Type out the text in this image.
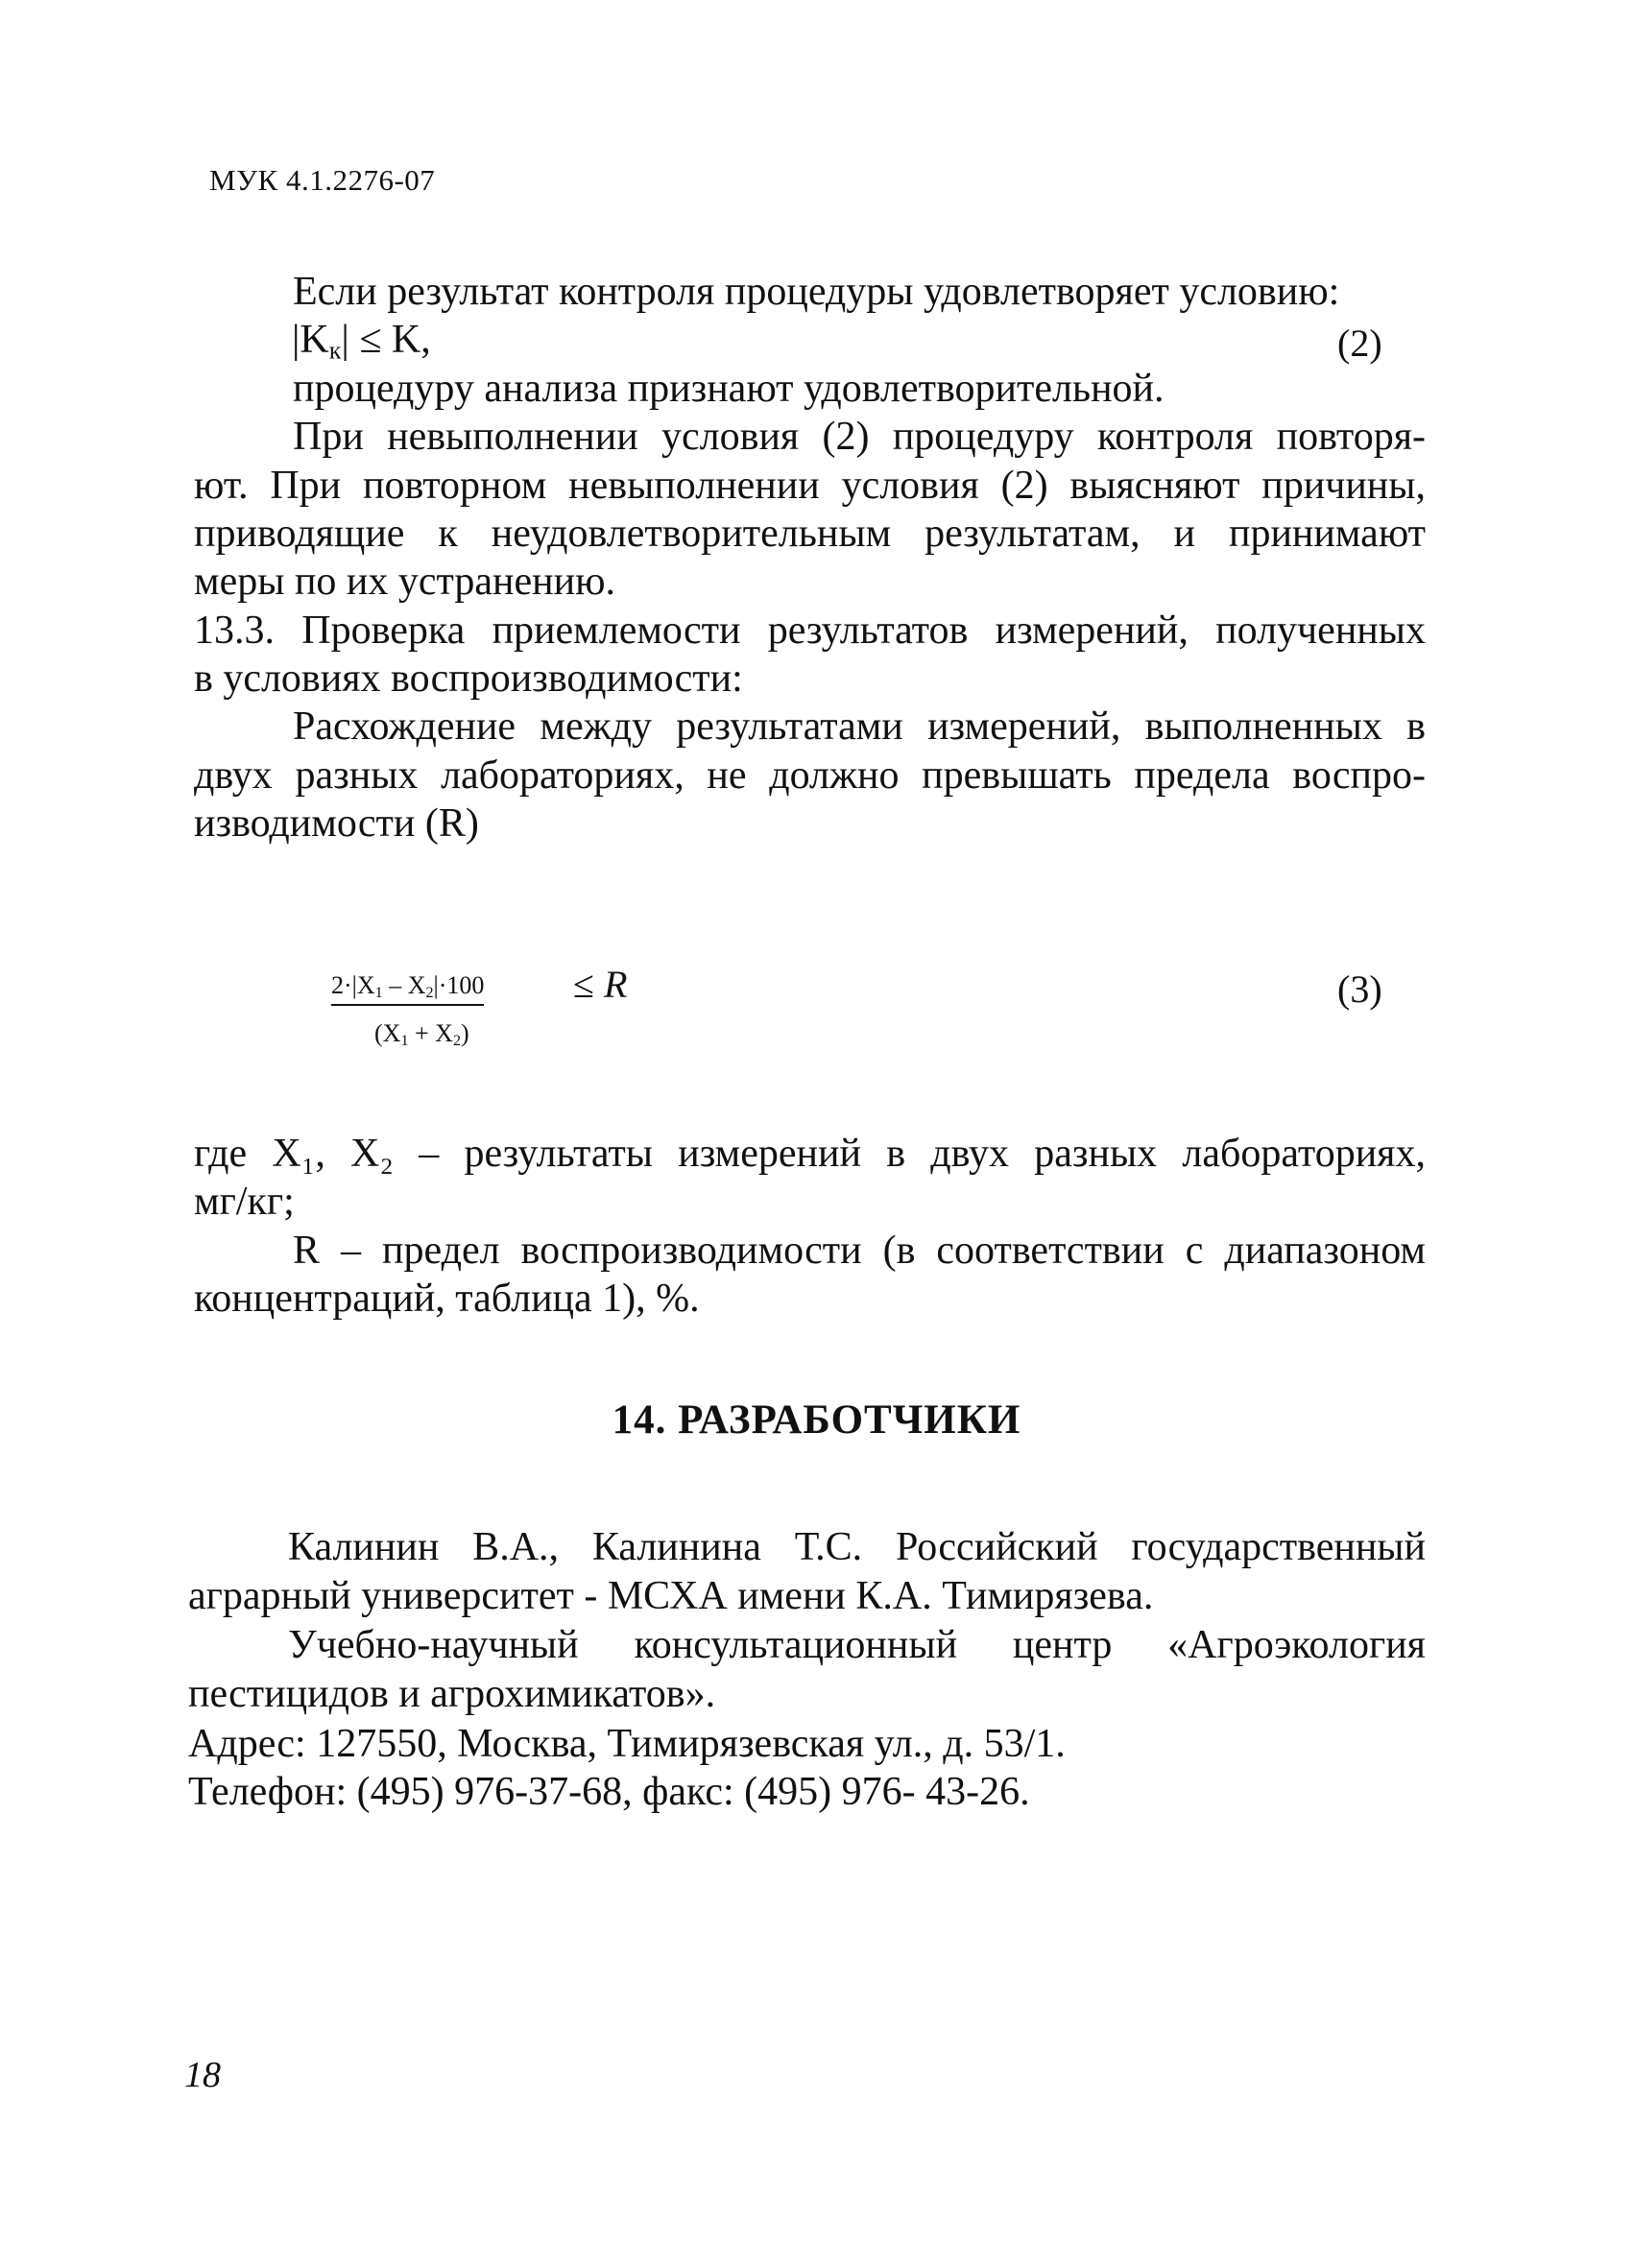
МУК 4.1.2276-07
Если результат контроля процедуры удовлетворяет условию:
$|K_к| \le K$,	(2)
процедуру анализа признают удовлетворительной.
При невыполнении условия (2) процедуру контроля повторя-
ют. При повторном невыполнении условия (2) выясняют причины,
приводящие к неудовлетворительным результатам, и принимают
меры по их устранению.
13.3. Проверка приемлемости результатов измерений, полученных
в условиях воспроизводимости:
Расхождение между результатами измерений, выполненных в
двух разных лабораториях, не должно превышать предела воспро-
изводимости (R)
$2\cdot|X_1 - X_2|\cdot 100$
$(X_1 + X_2)$
≤ R	(3)
где X₁, X₂ – результаты измерений в двух разных лабораториях,
мг/кг;
R – предел воспроизводимости (в соответствии с диапазоном
концентраций, таблица 1), %.
14. РАЗРАБОТЧИКИ
Калинин В.А., Калинина Т.С. Российский государственный
аграрный университет - МСХА имени К.А. Тимирязева.
Учебно-научный консультационный центр «Агроэкология
пестицидов и агрохимикатов».
Адрес: 127550, Москва, Тимирязевская ул., д. 53/1.
Телефон: (495) 976-37-68, факс: (495) 976- 43-26.
18
